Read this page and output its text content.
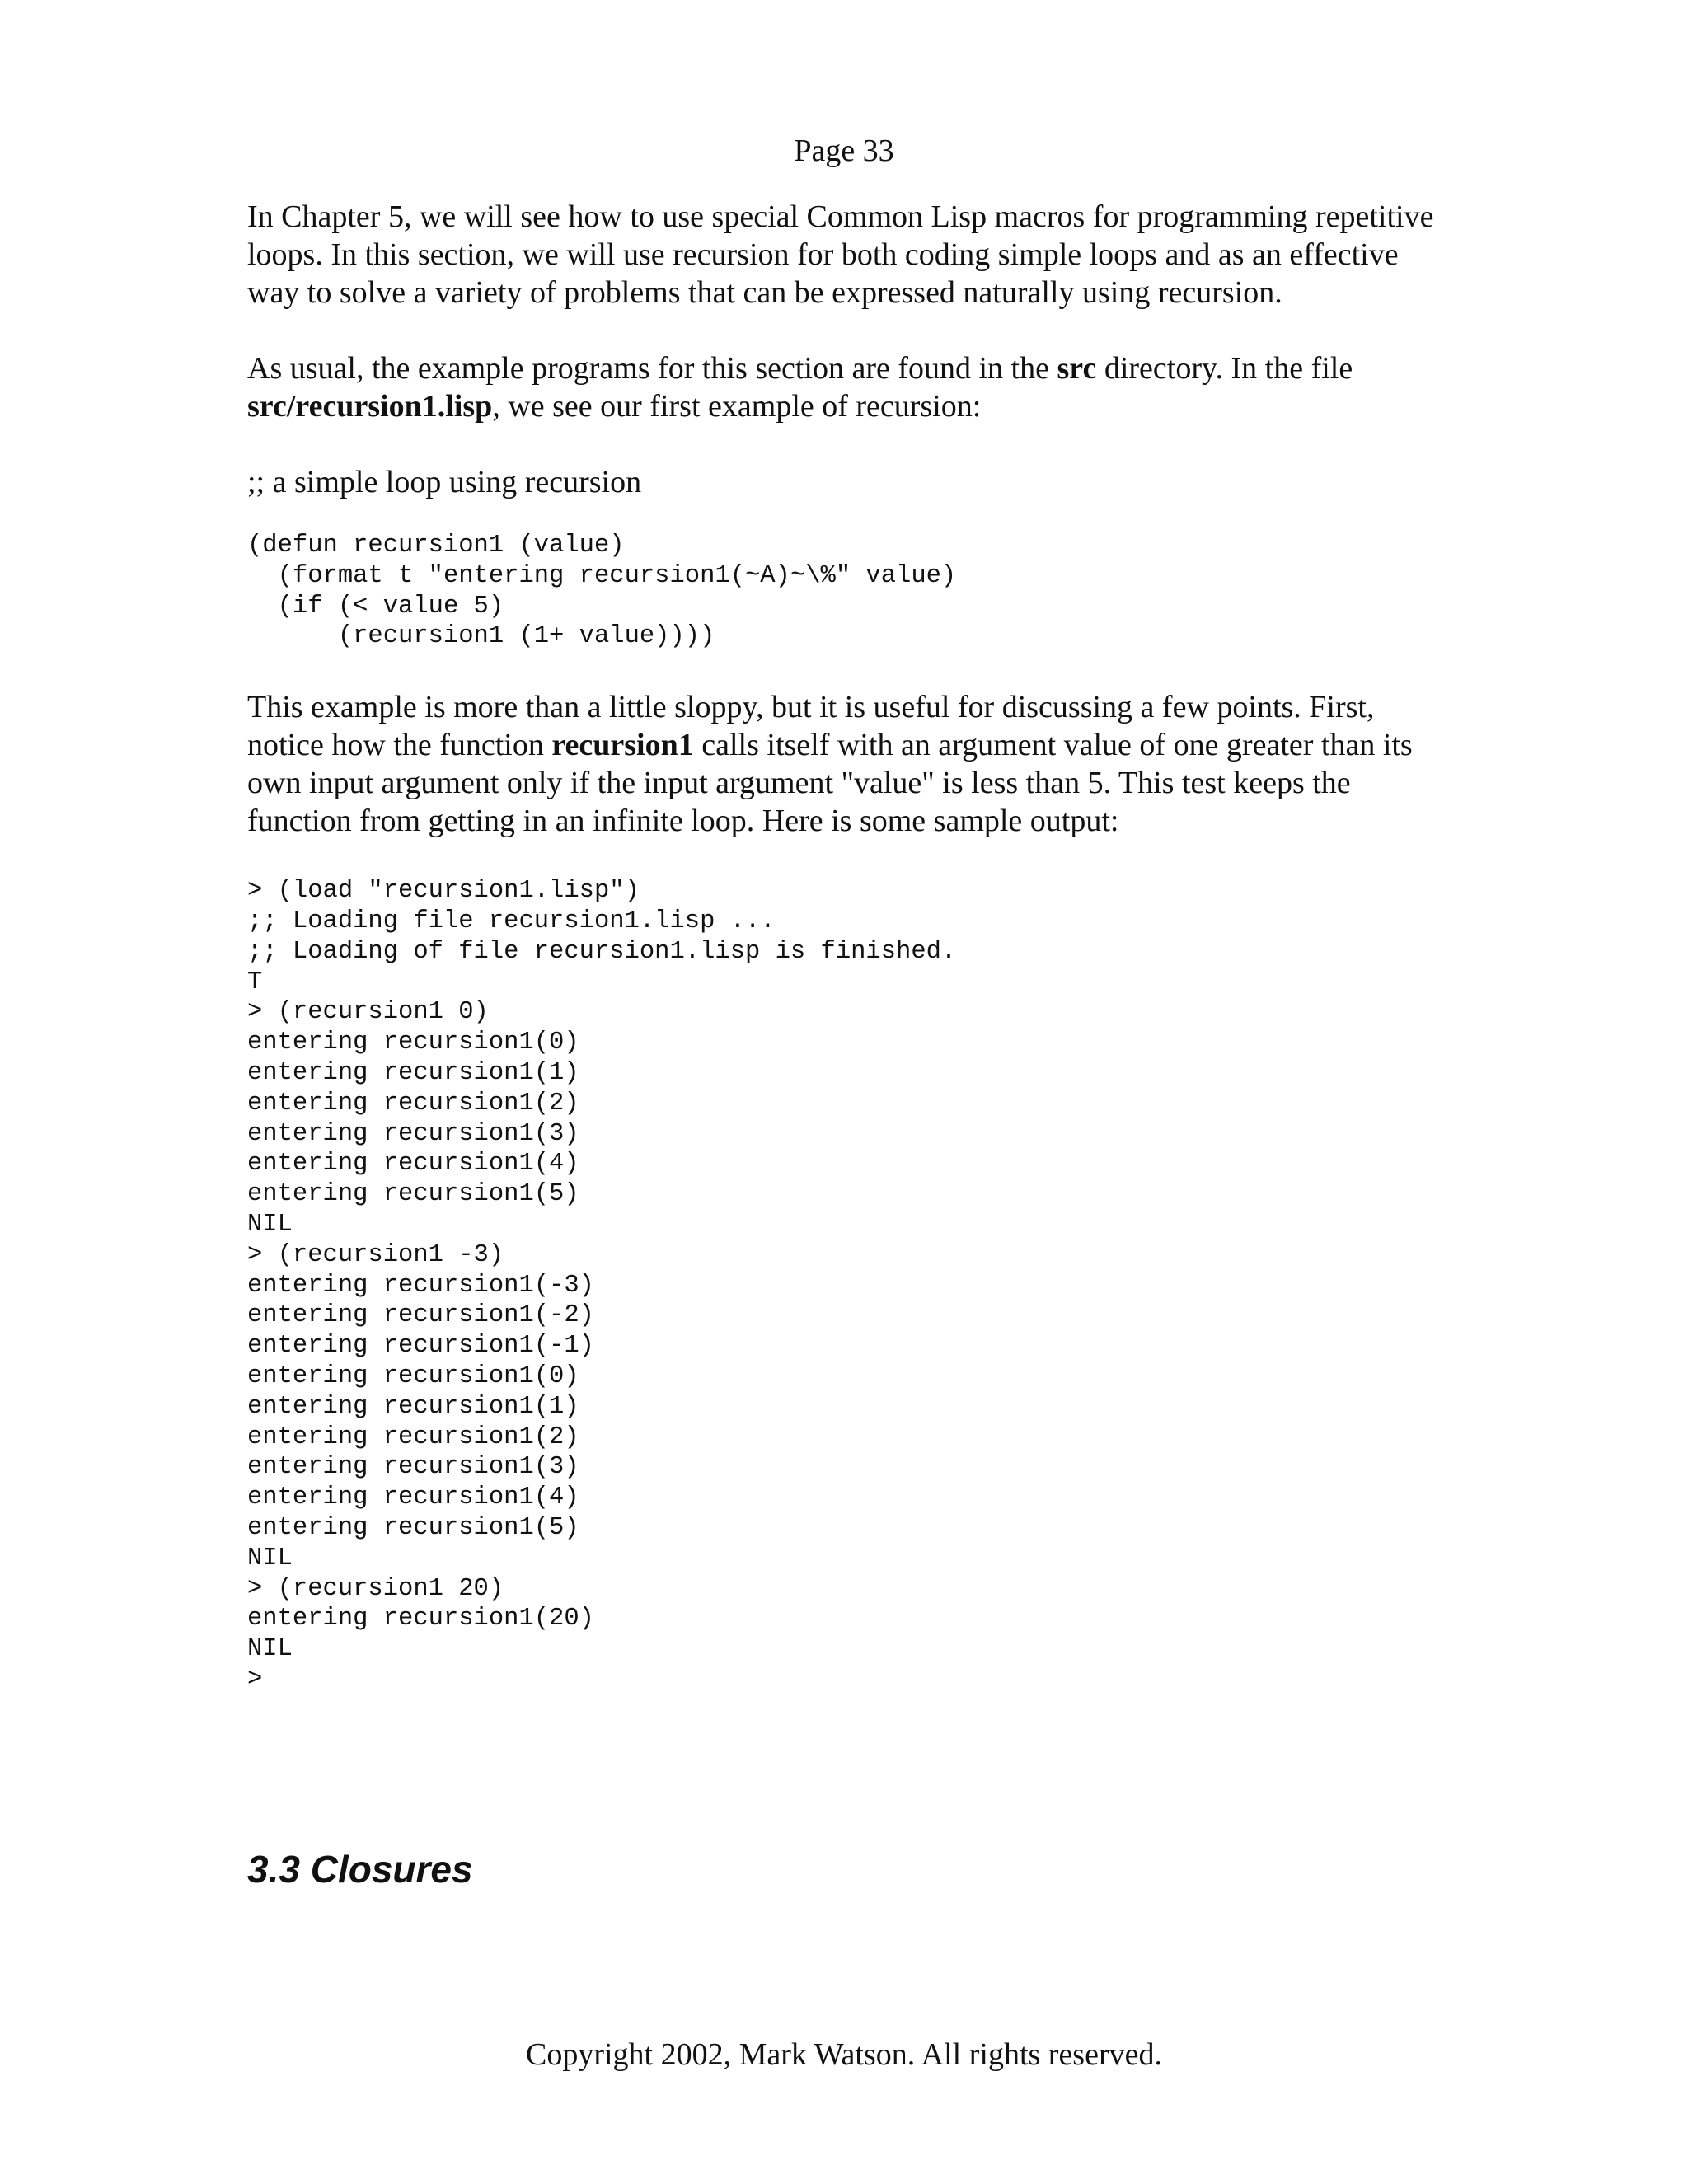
Page 33

In Chapter 5, we will see how to use special Common Lisp macros for programming repetitive loops. In this section, we will use recursion for both coding simple loops and as an effective way to solve a variety of problems that can be expressed naturally using recursion.

As usual, the example programs for this section are found in the src directory. In the file src/recursion1.lisp, we see our first example of recursion:

;; a simple loop using recursion

(defun recursion1 (value)
(format t "entering recursion1(~A)~\%" value)
(if (< value 5)
(recursion1 (1+ value))))

This example is more than a little sloppy, but it is useful for discussing a few points. First, notice how the function recursion1 calls itself with an argument value of one greater than its own input argument only if the input argument "value" is less than 5. This test keeps the function from getting in an infinite loop. Here is some sample output:

> (load "recursion1.lisp")
;; Loading file recursion1.lisp ...
;; Loading of file recursion1.lisp is finished.
T
> (recursion1 0)
entering recursion1(0)
entering recursion1(1)
entering recursion1(2)
entering recursion1(3)
entering recursion1(4)
entering recursion1(5)
NIL
> (recursion1 -3)
entering recursion1(-3)
entering recursion1(-2)
entering recursion1(-1)
entering recursion1(0)
entering recursion1(1)
entering recursion1(2)
entering recursion1(3)
entering recursion1(4)
entering recursion1(5)
NIL
> (recursion1 20)
entering recursion1(20)
NIL
>
3.3 Closures
Copyright 2002, Mark Watson. All rights reserved.
